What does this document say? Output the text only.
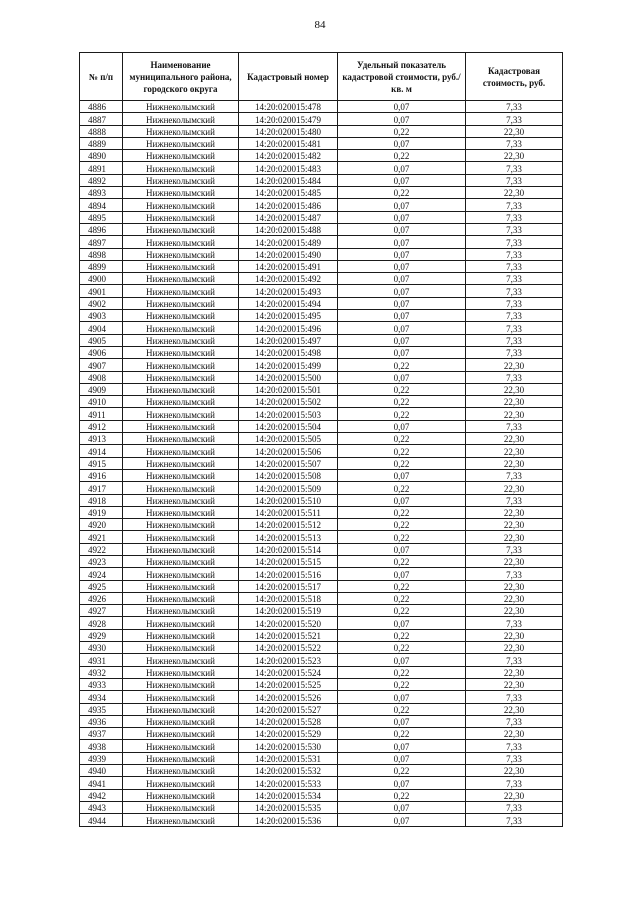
84
№ п/п	Наименование муниципального района, городского округа	Кадастровый номер	Удельный показатель кадастровой стоимости, руб./кв. м	Кадастровая стоимость, руб.
4886	Нижнеколымский	14:20:020015:478	0,07	7,33
4887	Нижнеколымский	14:20:020015:479	0,07	7,33
4888	Нижнеколымский	14:20:020015:480	0,22	22,30
4889	Нижнеколымский	14:20:020015:481	0,07	7,33
4890	Нижнеколымский	14:20:020015:482	0,22	22,30
4891	Нижнеколымский	14:20:020015:483	0,07	7,33
4892	Нижнеколымский	14:20:020015:484	0,07	7,33
4893	Нижнеколымский	14:20:020015:485	0,22	22,30
4894	Нижнеколымский	14:20:020015:486	0,07	7,33
4895	Нижнеколымский	14:20:020015:487	0,07	7,33
4896	Нижнеколымский	14:20:020015:488	0,07	7,33
4897	Нижнеколымский	14:20:020015:489	0,07	7,33
4898	Нижнеколымский	14:20:020015:490	0,07	7,33
4899	Нижнеколымский	14:20:020015:491	0,07	7,33
4900	Нижнеколымский	14:20:020015:492	0,07	7,33
4901	Нижнеколымский	14:20:020015:493	0,07	7,33
4902	Нижнеколымский	14:20:020015:494	0,07	7,33
4903	Нижнеколымский	14:20:020015:495	0,07	7,33
4904	Нижнеколымский	14:20:020015:496	0,07	7,33
4905	Нижнеколымский	14:20:020015:497	0,07	7,33
4906	Нижнеколымский	14:20:020015:498	0,07	7,33
4907	Нижнеколымский	14:20:020015:499	0,22	22,30
4908	Нижнеколымский	14:20:020015:500	0,07	7,33
4909	Нижнеколымский	14:20:020015:501	0,22	22,30
4910	Нижнеколымский	14:20:020015:502	0,22	22,30
4911	Нижнеколымский	14:20:020015:503	0,22	22,30
4912	Нижнеколымский	14:20:020015:504	0,07	7,33
4913	Нижнеколымский	14:20:020015:505	0,22	22,30
4914	Нижнеколымский	14:20:020015:506	0,22	22,30
4915	Нижнеколымский	14:20:020015:507	0,22	22,30
4916	Нижнеколымский	14:20:020015:508	0,07	7,33
4917	Нижнеколымский	14:20:020015:509	0,22	22,30
4918	Нижнеколымский	14:20:020015:510	0,07	7,33
4919	Нижнеколымский	14:20:020015:511	0,22	22,30
4920	Нижнеколымский	14:20:020015:512	0,22	22,30
4921	Нижнеколымский	14:20:020015:513	0,22	22,30
4922	Нижнеколымский	14:20:020015:514	0,07	7,33
4923	Нижнеколымский	14:20:020015:515	0,22	22,30
4924	Нижнеколымский	14:20:020015:516	0,07	7,33
4925	Нижнеколымский	14:20:020015:517	0,22	22,30
4926	Нижнеколымский	14:20:020015:518	0,22	22,30
4927	Нижнеколымский	14:20:020015:519	0,22	22,30
4928	Нижнеколымский	14:20:020015:520	0,07	7,33
4929	Нижнеколымский	14:20:020015:521	0,22	22,30
4930	Нижнеколымский	14:20:020015:522	0,22	22,30
4931	Нижнеколымский	14:20:020015:523	0,07	7,33
4932	Нижнеколымский	14:20:020015:524	0,22	22,30
4933	Нижнеколымский	14:20:020015:525	0,22	22,30
4934	Нижнеколымский	14:20:020015:526	0,07	7,33
4935	Нижнеколымский	14:20:020015:527	0,22	22,30
4936	Нижнеколымский	14:20:020015:528	0,07	7,33
4937	Нижнеколымский	14:20:020015:529	0,22	22,30
4938	Нижнеколымский	14:20:020015:530	0,07	7,33
4939	Нижнеколымский	14:20:020015:531	0,07	7,33
4940	Нижнеколымский	14:20:020015:532	0,22	22,30
4941	Нижнеколымский	14:20:020015:533	0,07	7,33
4942	Нижнеколымский	14:20:020015:534	0,22	22,30
4943	Нижнеколымский	14:20:020015:535	0,07	7,33
4944	Нижнеколымский	14:20:020015:536	0,07	7,33
